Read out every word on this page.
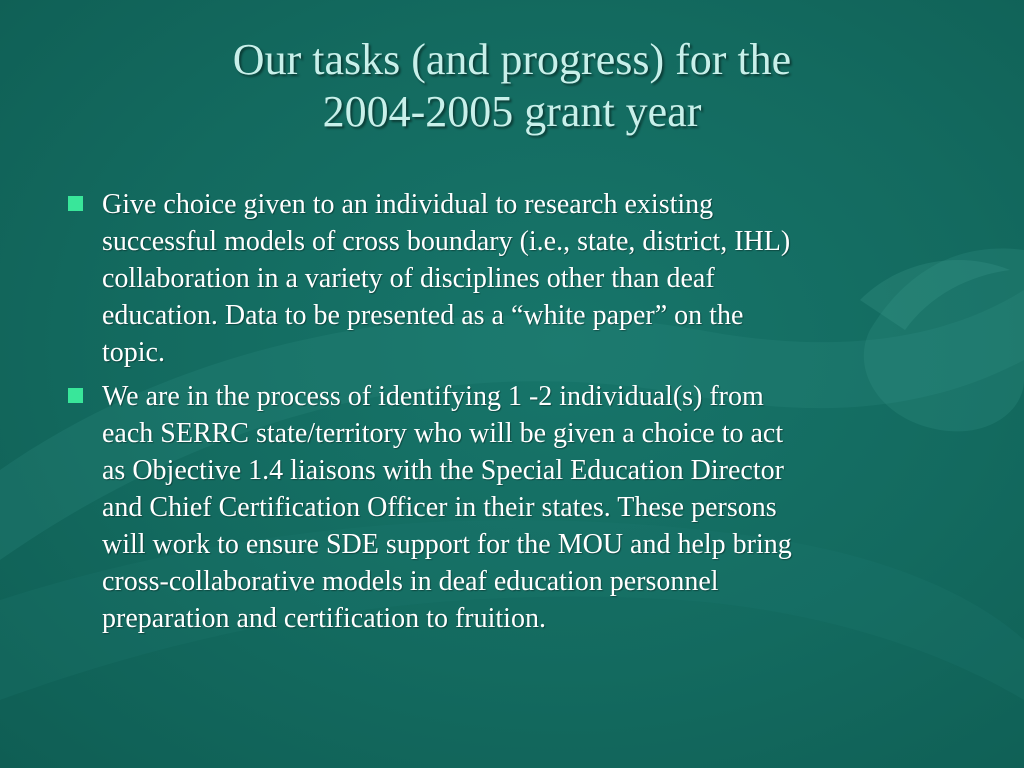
Our tasks (and progress) for the
2004-2005 grant year
Give choice given to an individual to research existing
successful models of cross boundary (i.e., state, district, IHL)
collaboration in a variety of disciplines other than deaf
education. Data to be presented as a “white paper” on the
topic.
We are in the process of identifying 1 -2 individual(s) from
each SERRC state/territory who will be given a choice to act
as Objective 1.4 liaisons with the Special Education Director
and Chief Certification Officer in their states. These persons
will work to ensure SDE support for the MOU and help bring
cross-collaborative models in deaf education personnel
preparation and certification to fruition.
